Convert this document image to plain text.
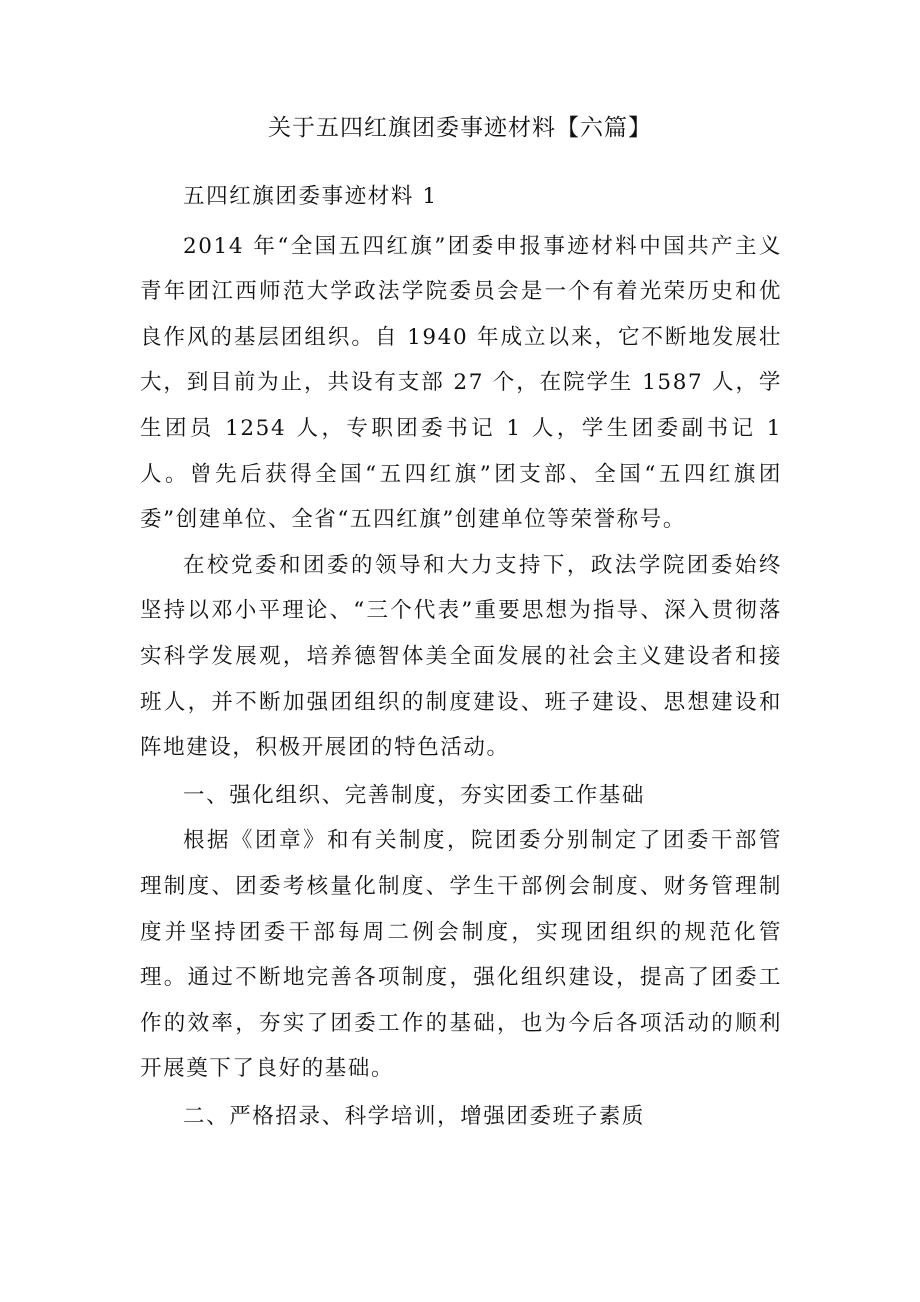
关于五四红旗团委事迹材料【六篇】

五四红旗团委事迹材料 1

2014 年“全国五四红旗”团委申报事迹材料中国共产主义青年团江西师范大学政法学院委员会是一个有着光荣历史和优良作风的基层团组织。自 1940 年成立以来，它不断地发展壮大，到目前为止，共设有支部 27 个，在院学生 1587 人，学生团员 1254 人，专职团委书记 1 人，学生团委副书记 1 人。曾先后获得全国“五四红旗”团支部、全国“五四红旗团委”创建单位、全省“五四红旗”创建单位等荣誉称号。

在校党委和团委的领导和大力支持下，政法学院团委始终坚持以邓小平理论、“三个代表”重要思想为指导、深入贯彻落实科学发展观，培养德智体美全面发展的社会主义建设者和接班人，并不断加强团组织的制度建设、班子建设、思想建设和阵地建设，积极开展团的特色活动。

一、强化组织、完善制度，夯实团委工作基础

根据《团章》和有关制度，院团委分别制定了团委干部管理制度、团委考核量化制度、学生干部例会制度、财务管理制度并坚持团委干部每周二例会制度，实现团组织的规范化管理。通过不断地完善各项制度，强化组织建设，提高了团委工作的效率，夯实了团委工作的基础，也为今后各项活动的顺利开展奠下了良好的基础。

二、严格招录、科学培训，增强团委班子素质
